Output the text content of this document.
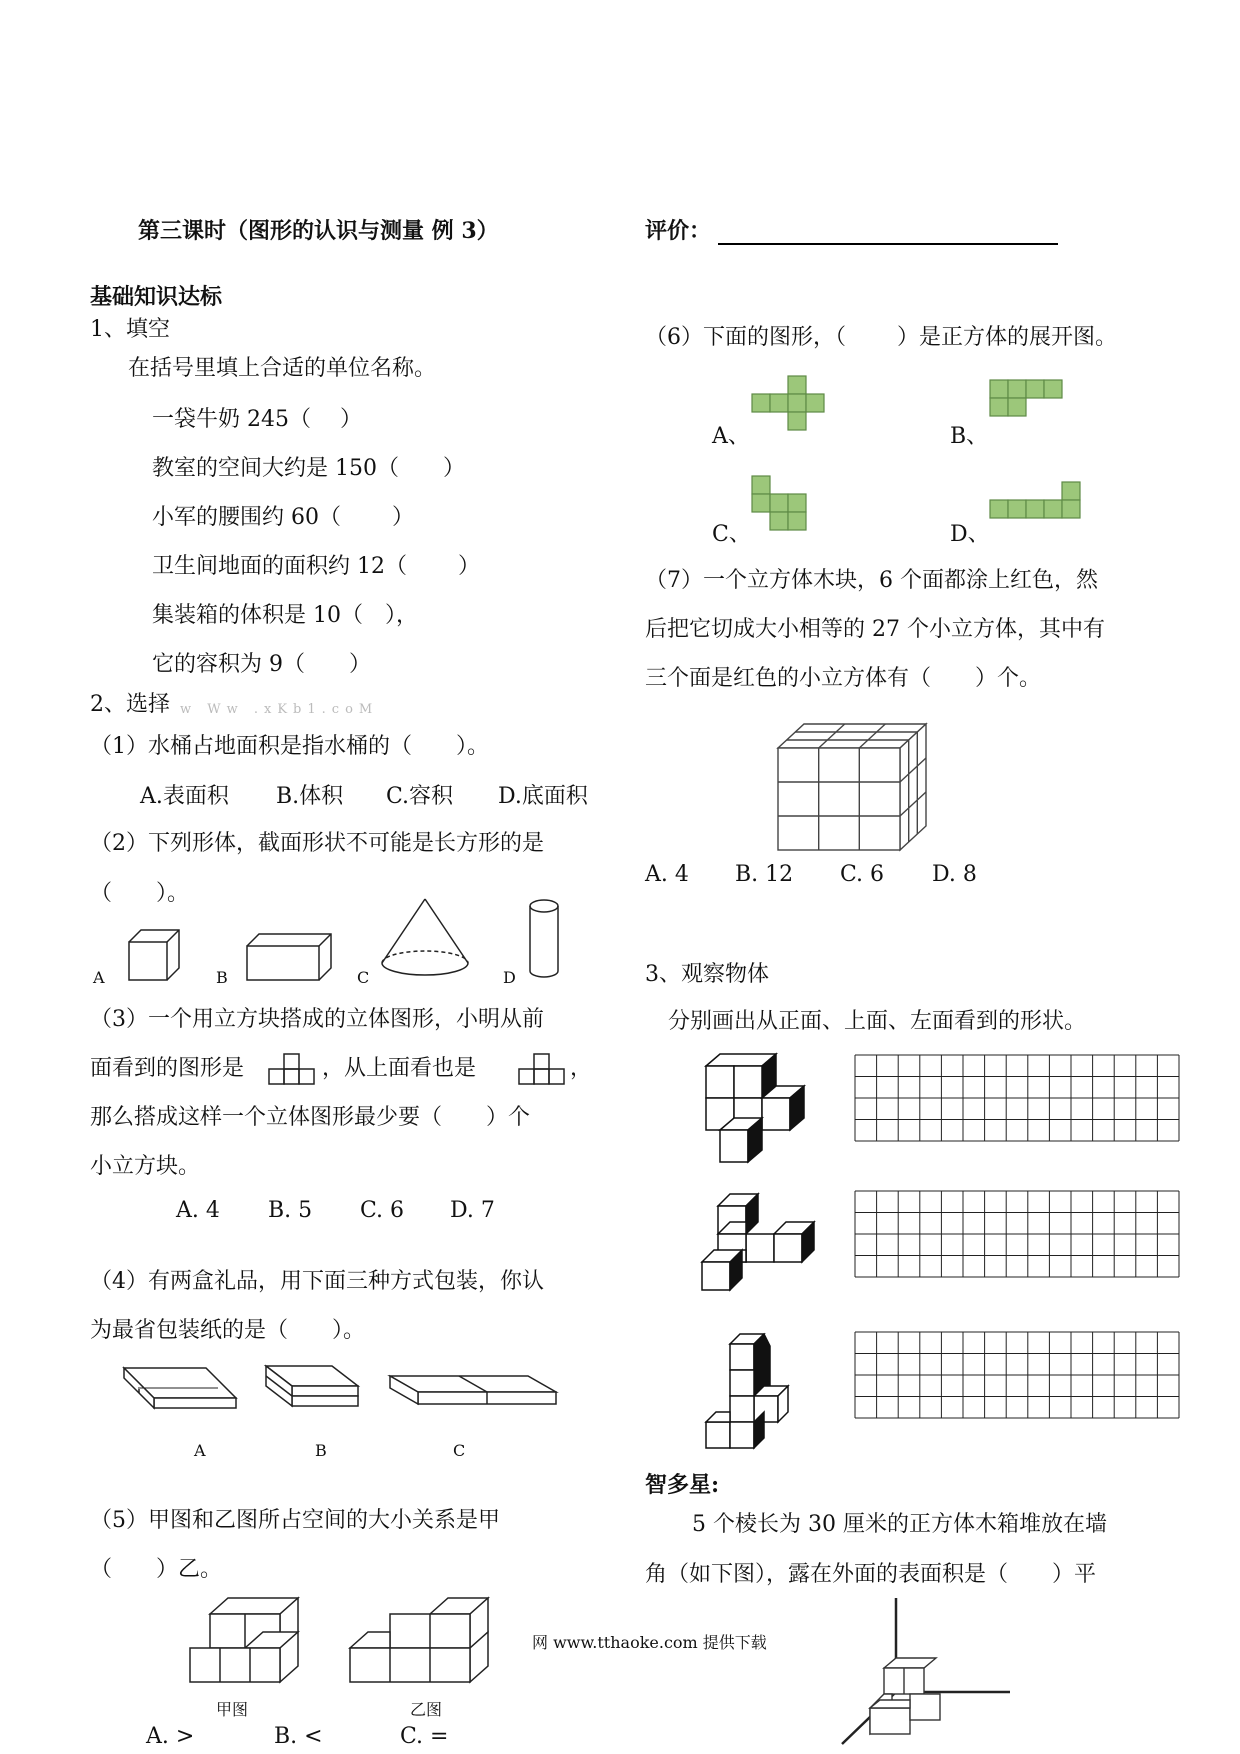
第三课时（图形的认识与测量 例 3）	评价：
基础知识达标
1、填空
在括号里填上合适的单位名称。
一袋牛奶 245（　 ）
教室的空间大约是 150（　　）
小军的腰围约 60（　　 ）
卫生间地面的面积约 12（　　 ）
集装箱的体积是 10（　），
它的容积为 9（　　）
2、选择 w Ww .xKb1.coM
（1）水桶占地面积是指水桶的（　　）。
A.表面积 B.体积 C.容积 D.底面积
（2）下列形体，截面形状不可能是长方形的是
（　　）。
A	B	C	D
（3）一个用立方块搭成的立体图形，小明从前
面看到的图形是	，从上面看也是	，
那么搭成这样一个立体图形最少要（　　）个
小立方块。
A. 4 B. 5 C. 6 D. 7
（4）有两盒礼品，用下面三种方式包装，你认
为最省包装纸的是（　　）。
A	B	C
（5）甲图和乙图所占空间的大小关系是甲
（　　）乙。
甲图	乙图
A. >	B. <	C. =
（6）下面的图形，（　　 ）是正方体的展开图。
A、	B、
C、	D、
（7）一个立方体木块，6 个面都涂上红色，然
后把它切成大小相等的 27 个小立方体，其中有
三个面是红色的小立方体有（　　）个。
A. 4 B. 12 C. 6 D. 8
3、观察物体
分别画出从正面、上面、左面看到的形状。
智多星:
5 个棱长为 30 厘米的正方体木箱堆放在墙
角（如下图），露在外面的表面积是（　　）平
网 www.tthaoke.com 提供下载
